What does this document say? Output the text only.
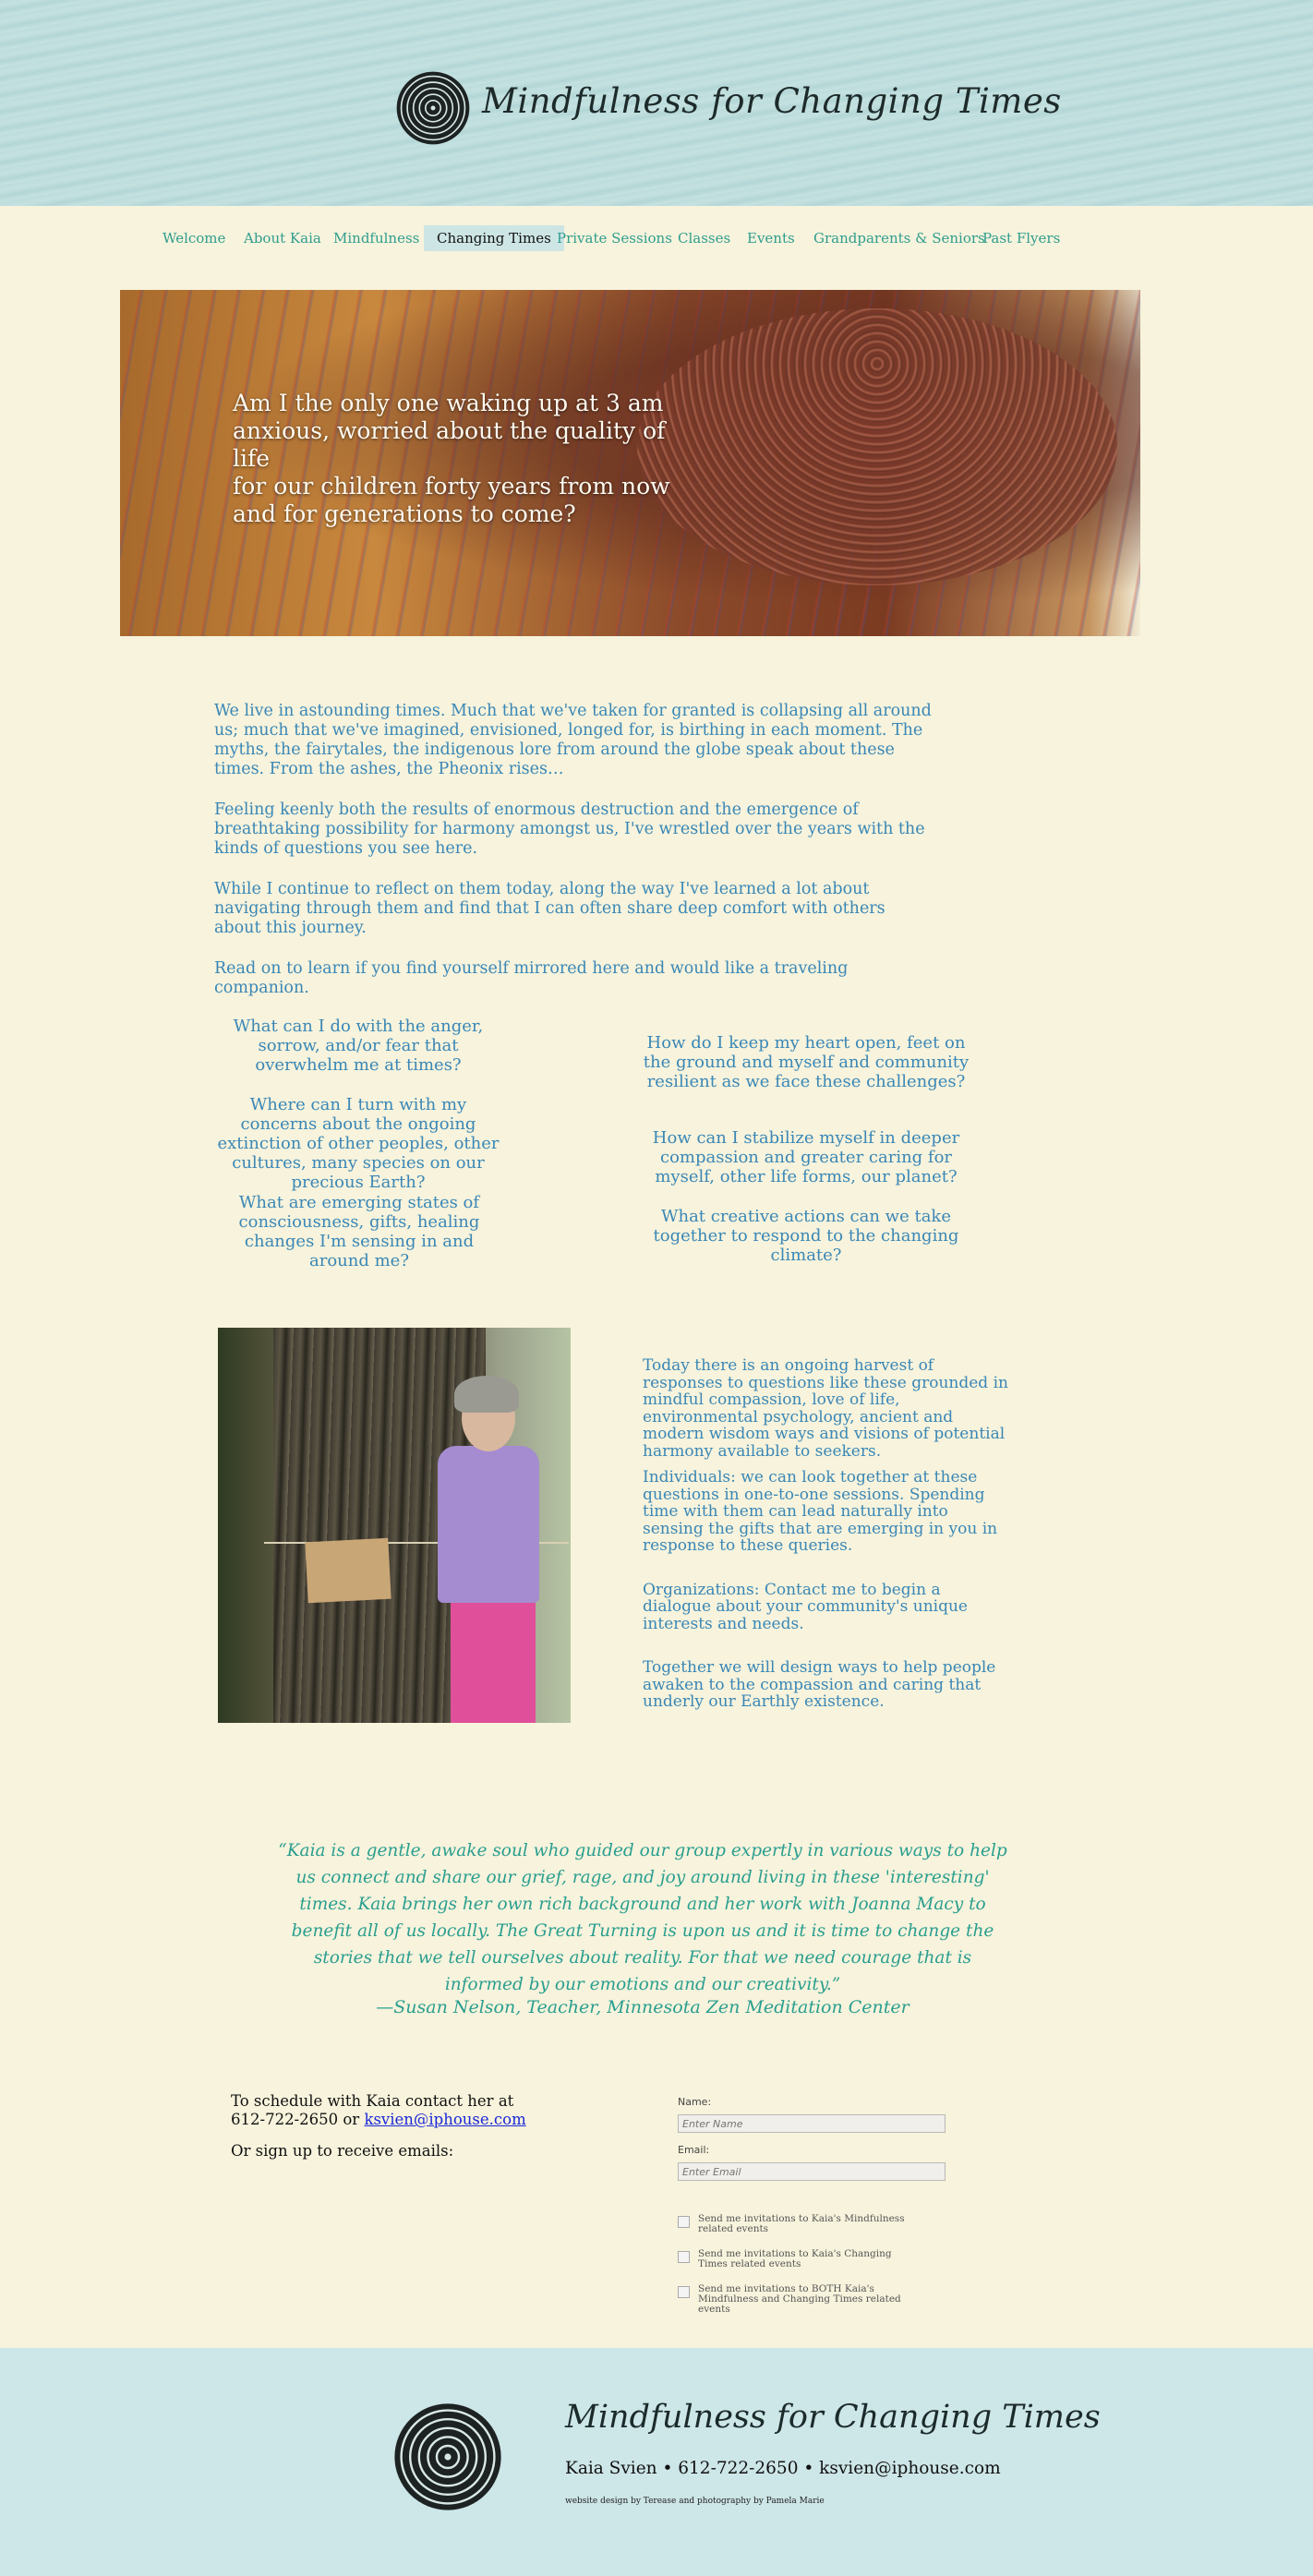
Mindfulness for Changing Times
Welcome	About Kaia Mindfulness	Changing Times Private Sessions Classes	Events	Grandparents & Seniors
Past Flyers
Am I the only one waking up at 3 am
anxious, worried about the quality of life
for our children forty years from now
and for generations to come?

We live in astounding times. Much that we've taken for granted is collapsing all around us; much that we've imagined, envisioned, longed for, is birthing in each moment. The myths, the fairytales, the indigenous lore from around the globe speak about these times. From the ashes, the Pheonix rises…

Feeling keenly both the results of enormous destruction and the emergence of breathtaking possibility for harmony amongst us, I've wrestled over the years with the kinds of questions you see here.

While I continue to reflect on them today, along the way I've learned a lot about navigating through them and find that I can often share deep comfort with others about this journey.

Read on to learn if you find yourself mirrored here and would like a traveling companion.

What can I do with the anger, sorrow, and/or fear that overwhelm me at times?
Where can I turn with my concerns about the ongoing extinction of other peoples, other cultures, many species on our precious Earth?
What are emerging states of consciousness, gifts, healing changes I'm sensing in and around me?
How do I keep my heart open, feet on the ground and myself and community resilient as we face these challenges?
How can I stabilize myself in deeper compassion and greater caring for myself, other life forms, our planet?
What creative actions can we take together to respond to the changing climate?

Today there is an ongoing harvest of responses to questions like these grounded in mindful compassion, love of life, environmental psychology, ancient and modern wisdom ways and visions of potential harmony available to seekers.

Individuals: we can look together at these questions in one-to-one sessions. Spending time with them can lead naturally into sensing the gifts that are emerging in you in response to these queries.

Organizations: Contact me to begin a dialogue about your community's unique interests and needs.

Together we will design ways to help people awaken to the compassion and caring that underly our Earthly existence.

“Kaia is a gentle, awake soul who guided our group expertly in various ways to help us connect and share our grief, rage, and joy around living in these 'interesting' times. Kaia brings her own rich background and her work with Joanna Macy to benefit all of us locally. The Great Turning is upon us and it is time to change the stories that we tell ourselves about reality. For that we need courage that is informed by our emotions and our creativity.”
—Susan Nelson, Teacher, Minnesota Zen Meditation Center
To schedule with Kaia contact her at
612-722-2650 or ksvien@iphouse.com
Or sign up to receive emails:

Name:

Enter Name

Email:

Enter Email
Send me invitations to Kaia's Mindfulness related events
Send me invitations to Kaia's Changing Times related events
Send me invitations to BOTH Kaia's Mindfulness and Changing Times related events
Mindfulness for Changing Times
Kaia Svien • 612-722-2650 • ksvien@iphouse.com
website design by Terease and photography by Pamela Marie
